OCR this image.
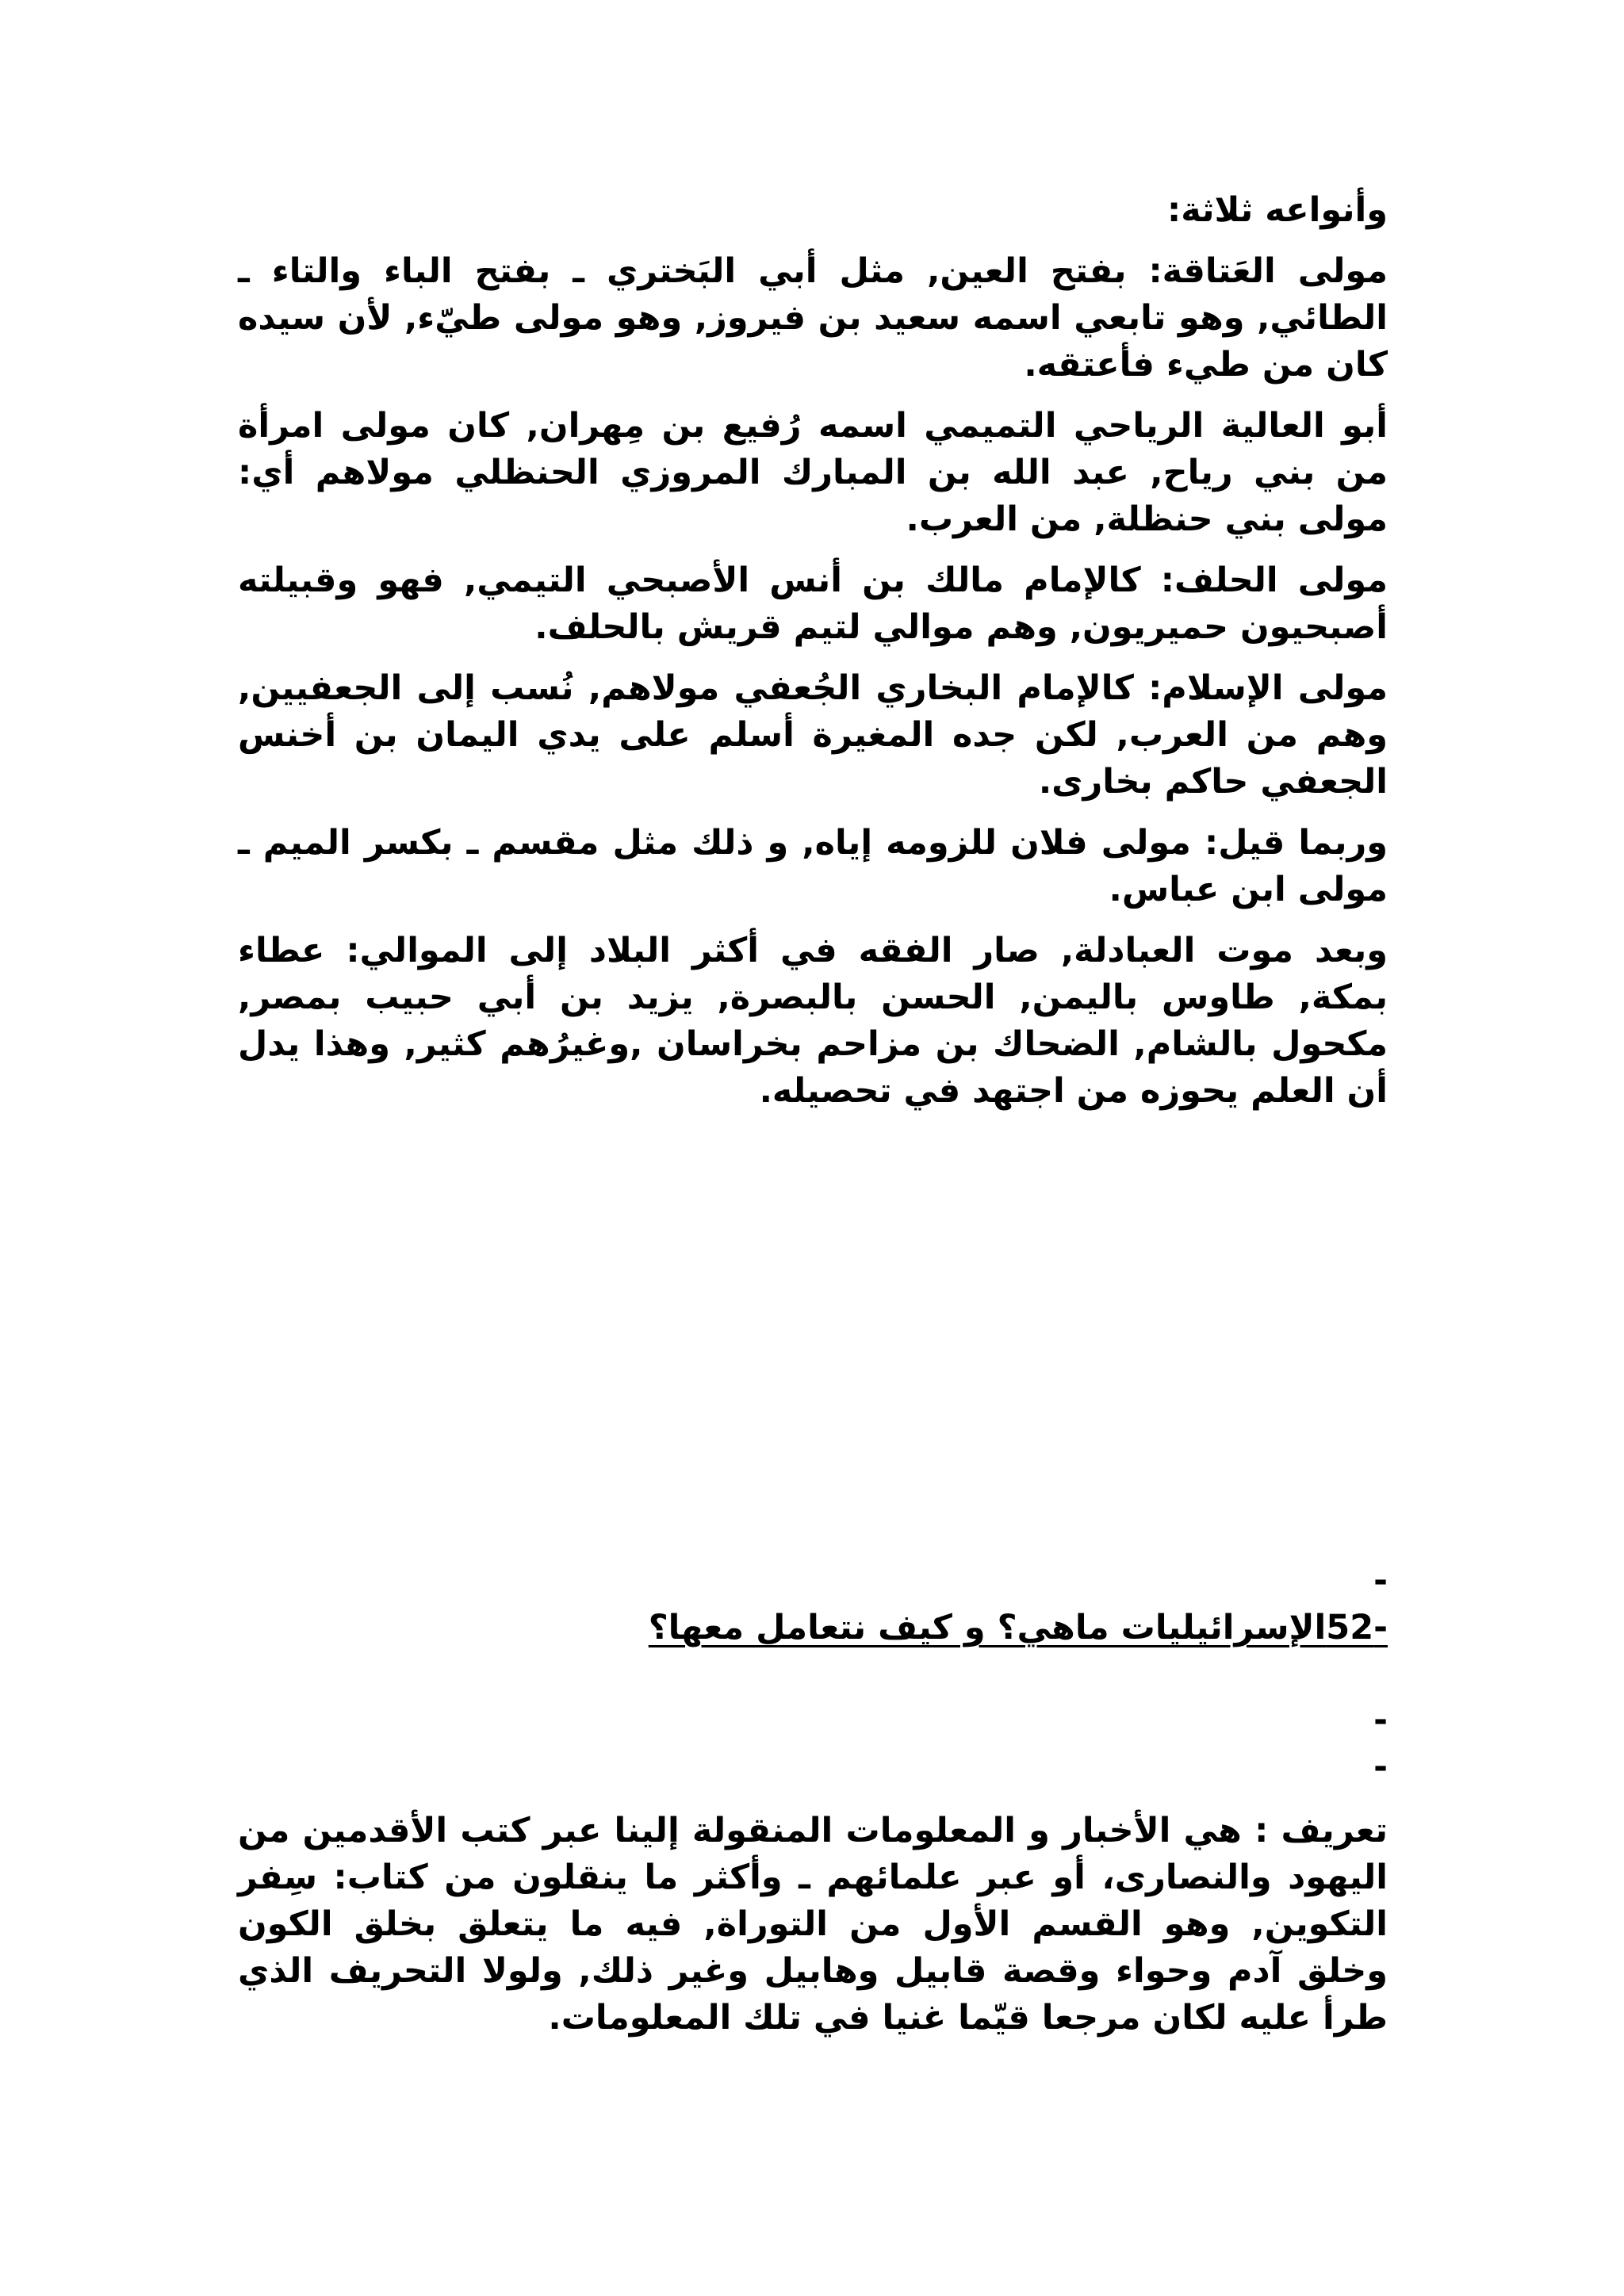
وأنواعه ثلاثة:

مولى العَتاقة: بفتح العين, مثل أبي البَختري ـ بفتح الباء والتاء ـ الطائي, وهو تابعي اسمه سعيد بن فيروز, وهو مولى طيّء, لأن سيده كان من طيء فأعتقه.

أبو العالية الرياحي التميمي اسمه رُفيع بن مِهران, كان مولى امرأة من بني رياح, عبد الله بن المبارك المروزي الحنظلي مولاهم أي: مولى بني حنظلة, من العرب.

مولى الحلف: كالإمام مالك بن أنس الأصبحي التيمي, فهو وقبيلته أصبحيون حميريون, وهم موالي لتيم قريش بالحلف.

مولى الإسلام: كالإمام البخاري الجُعفي مولاهم, نُسب إلى الجعفيين, وهم من العرب, لكن جده المغيرة أسلم على يدي اليمان بن أخنس الجعفي حاكم بخارى.

وربما قيل: مولى فلان للزومه إياه, و ذلك مثل مقسم ـ بكسر الميم ـ مولى ابن عباس.

وبعد موت العبادلة, صار الفقه في أكثر البلاد إلى الموالي: عطاء بمكة, طاوس باليمن, الحسن بالبصرة, يزيد بن أبي حبيب بمصر, مكحول بالشام, الضحاك بن مزاحم بخراسان ,وغيرُهم كثير, وهذا يدل أن العلم يحوزه من اجتهد في تحصيله.

-

-52الإسرائيليات ماهي؟ و كيف نتعامل معها؟

-

-

تعريف : هي الأخبار و المعلومات المنقولة إلينا عبر كتب الأقدمين من اليهود والنصارى، أو عبر علمائهم ـ وأكثر ما ينقلون من كتاب: سِفر التكوين, وهو القسم الأول من التوراة, فيه ما يتعلق بخلق الكون وخلق آدم وحواء وقصة قابيل وهابيل وغير ذلك, ولولا التحريف الذي طرأ عليه لكان مرجعا قيّما غنيا في تلك المعلومات.
